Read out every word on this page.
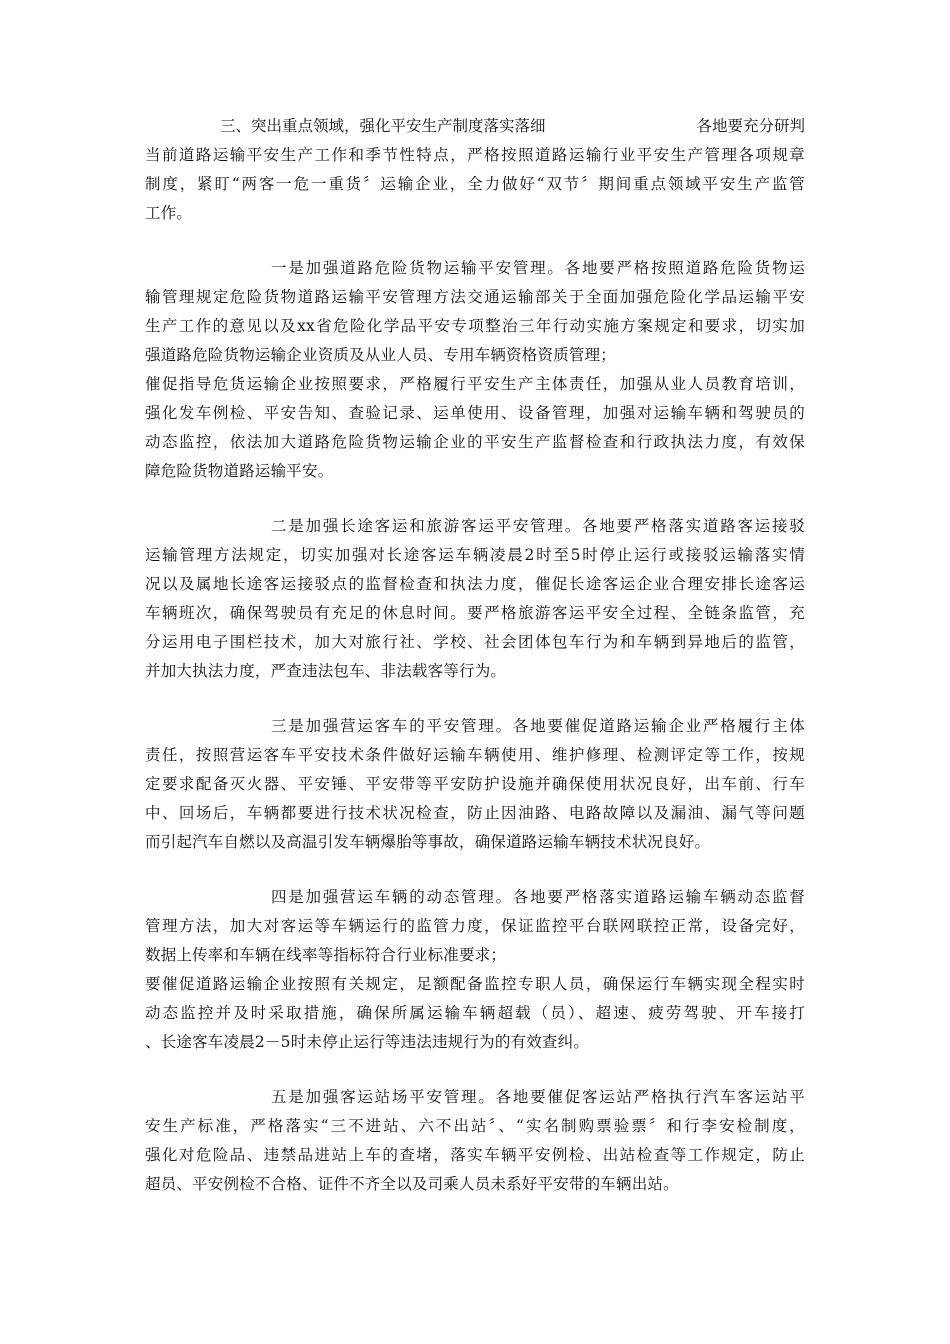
三、突出重点领域，强化平安生产制度落实落细	各地要充分研判
当前道路运输平安生产工作和季节性特点，严格按照道路运输行业平安生产管理各项规章
制度，紧盯“两客一危一重货〞运输企业，全力做好“双节〞期间重点领域平安生产监管
工作。
一是加强道路危险货物运输平安管理。各地要严格按照道路危险货物运
输管理规定危险货物道路运输平安管理方法交通运输部关于全面加强危险化学品运输平安
生产工作的意见以及xx省危险化学品平安专项整治三年行动实施方案规定和要求，切实加
强道路危险货物运输企业资质及从业人员、专用车辆资格资质管理；
催促指导危货运输企业按照要求，严格履行平安生产主体责任，加强从业人员教育培训，
强化发车例检、平安告知、查验记录、运单使用、设备管理，加强对运输车辆和驾驶员的
动态监控，依法加大道路危险货物运输企业的平安生产监督检查和行政执法力度，有效保
障危险货物道路运输平安。
二是加强长途客运和旅游客运平安管理。各地要严格落实道路客运接驳
运输管理方法规定，切实加强对长途客运车辆凌晨2时至5时停止运行或接驳运输落实情
况以及属地长途客运接驳点的监督检查和执法力度，催促长途客运企业合理安排长途客运
车辆班次，确保驾驶员有充足的休息时间。要严格旅游客运平安全过程、全链条监管，充
分运用电子围栏技术，加大对旅行社、学校、社会团体包车行为和车辆到异地后的监管，
并加大执法力度，严查违法包车、非法载客等行为。
三是加强营运客车的平安管理。各地要催促道路运输企业严格履行主体
责任，按照营运客车平安技术条件做好运输车辆使用、维护修理、检测评定等工作，按规
定要求配备灭火器、平安锤、平安带等平安防护设施并确保使用状况良好，出车前、行车
中、回场后，车辆都要进行技术状况检查，防止因油路、电路故障以及漏油、漏气等问题
而引起汽车自燃以及高温引发车辆爆胎等事故，确保道路运输车辆技术状况良好。
四是加强营运车辆的动态管理。各地要严格落实道路运输车辆动态监督
管理方法，加大对客运等车辆运行的监管力度，保证监控平台联网联控正常，设备完好，
数据上传率和车辆在线率等指标符合行业标准要求；
要催促道路运输企业按照有关规定，足额配备监控专职人员，确保运行车辆实现全程实时
动态监控并及时采取措施，确保所属运输车辆超载（员）、超速、疲劳驾驶、开车接打
、长途客车凌晨2－5时未停止运行等违法违规行为的有效查纠。
五是加强客运站场平安管理。各地要催促客运站严格执行汽车客运站平
安生产标准，严格落实“三不进站、六不出站〞、“实名制购票验票〞和行李安检制度，
强化对危险品、违禁品进站上车的查堵，落实车辆平安例检、出站检查等工作规定，防止
超员、平安例检不合格、证件不齐全以及司乘人员未系好平安带的车辆出站。
